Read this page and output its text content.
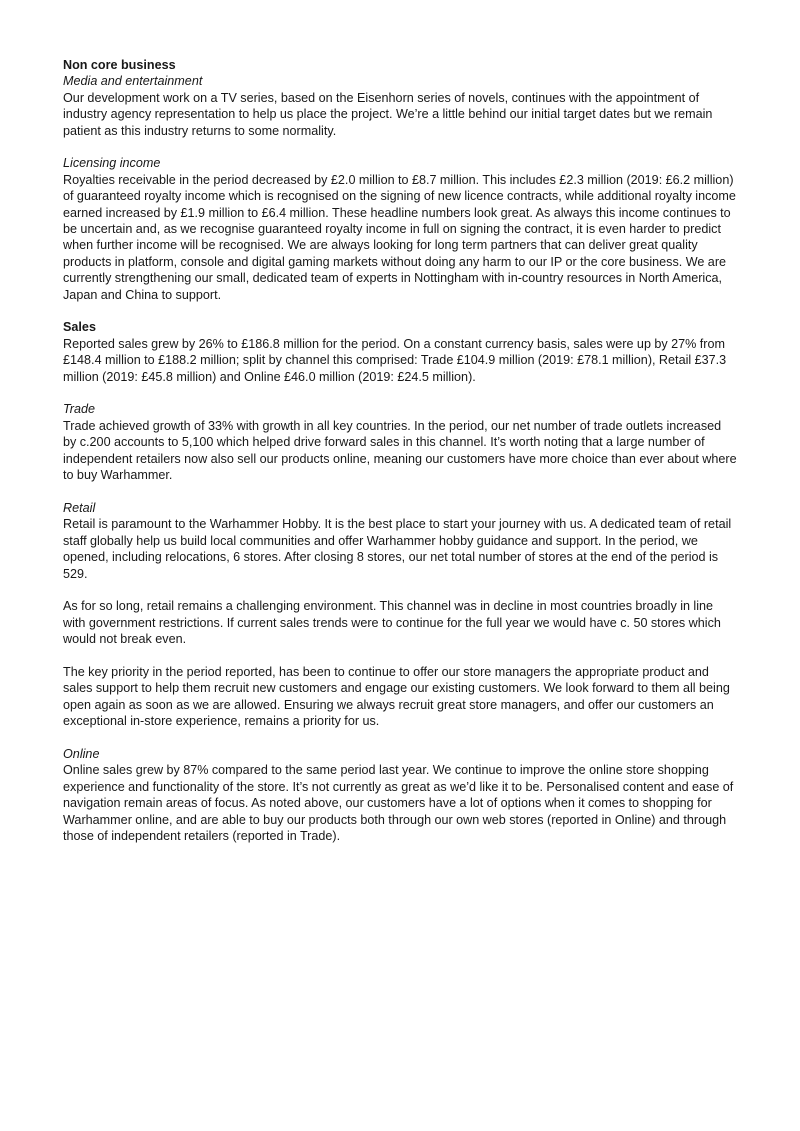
Non core business

Media and entertainment

Our development work on a TV series, based on the Eisenhorn series of novels, continues with the appointment of industry agency representation to help us place the project. We’re a little behind our initial target dates but we remain patient as this industry returns to some normality.

Licensing income

Royalties receivable in the period decreased by £2.0 million to £8.7 million. This includes £2.3 million (2019: £6.2 million) of guaranteed royalty income which is recognised on the signing of new licence contracts, while additional royalty income earned increased by £1.9 million to £6.4 million. These headline numbers look great. As always this income continues to be uncertain and, as we recognise guaranteed royalty income in full on signing the contract, it is even harder to predict when further income will be recognised. We are always looking for long term partners that can deliver great quality products in platform, console and digital gaming markets without doing any harm to our IP or the core business. We are currently strengthening our small, dedicated team of experts in Nottingham with in-country resources in North America, Japan and China to support.

Sales

Reported sales grew by 26% to £186.8 million for the period. On a constant currency basis, sales were up by 27% from £148.4 million to £188.2 million; split by channel this comprised: Trade £104.9 million (2019: £78.1 million), Retail £37.3 million (2019: £45.8 million) and Online £46.0 million (2019: £24.5 million).

Trade

Trade achieved growth of 33% with growth in all key countries. In the period, our net number of trade outlets increased by c.200 accounts to 5,100 which helped drive forward sales in this channel. It’s worth noting that a large number of independent retailers now also sell our products online, meaning our customers have more choice than ever about where to buy Warhammer.

Retail

Retail is paramount to the Warhammer Hobby. It is the best place to start your journey with us. A dedicated team of retail staff globally help us build local communities and offer Warhammer hobby guidance and support. In the period, we opened, including relocations, 6 stores. After closing 8 stores, our net total number of stores at the end of the period is 529.

As for so long, retail remains a challenging environment. This channel was in decline in most countries broadly in line with government restrictions. If current sales trends were to continue for the full year we would have c. 50 stores which would not break even.

The key priority in the period reported, has been to continue to offer our store managers the appropriate product and sales support to help them recruit new customers and engage our existing customers. We look forward to them all being open again as soon as we are allowed. Ensuring we always recruit great store managers, and offer our customers an exceptional in-store experience, remains a priority for us.

Online

Online sales grew by 87% compared to the same period last year. We continue to improve the online store shopping experience and functionality of the store. It’s not currently as great as we’d like it to be. Personalised content and ease of navigation remain areas of focus. As noted above, our customers have a lot of options when it comes to shopping for Warhammer online, and are able to buy our products both through our own web stores (reported in Online) and through those of independent retailers (reported in Trade).
